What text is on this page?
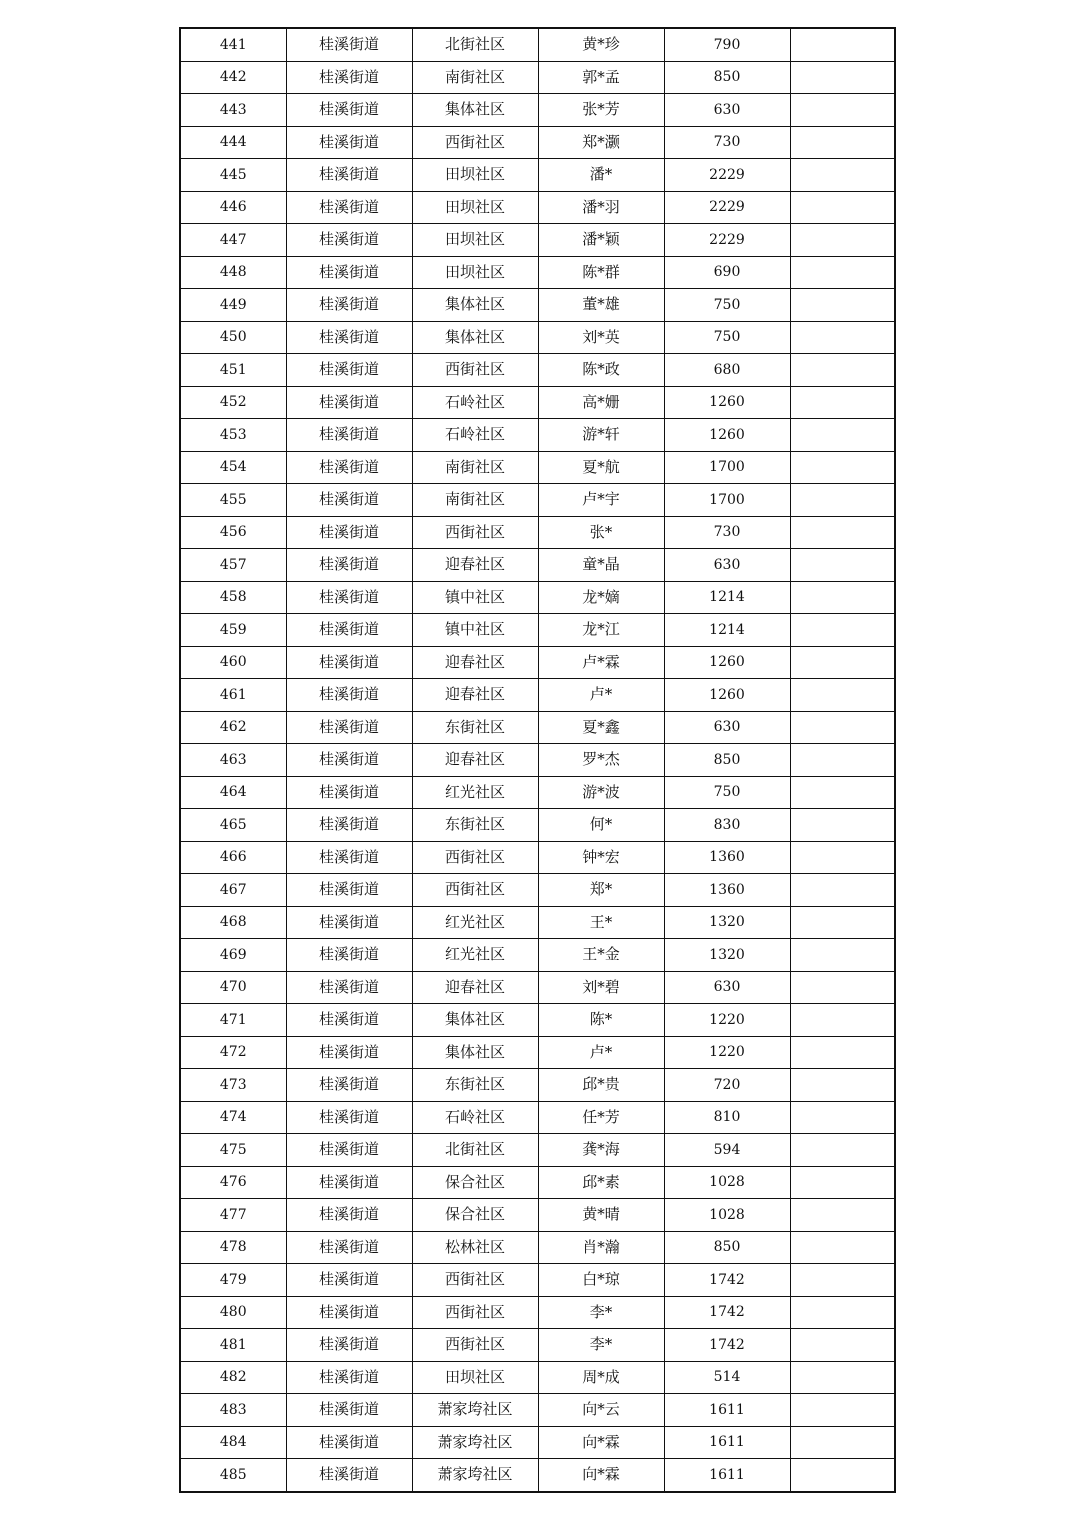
441	桂溪街道	北街社区	黄*珍	790	
442	桂溪街道	南街社区	郭*孟	850	
443	桂溪街道	集体社区	张*芳	630	
444	桂溪街道	西街社区	郑*灏	730	
445	桂溪街道	田坝社区	潘*	2229	
446	桂溪街道	田坝社区	潘*羽	2229	
447	桂溪街道	田坝社区	潘*颖	2229	
448	桂溪街道	田坝社区	陈*群	690	
449	桂溪街道	集体社区	董*雄	750	
450	桂溪街道	集体社区	刘*英	750	
451	桂溪街道	西街社区	陈*政	680	
452	桂溪街道	石岭社区	高*姗	1260	
453	桂溪街道	石岭社区	游*轩	1260	
454	桂溪街道	南街社区	夏*航	1700	
455	桂溪街道	南街社区	卢*宇	1700	
456	桂溪街道	西街社区	张*	730	
457	桂溪街道	迎春社区	童*晶	630	
458	桂溪街道	镇中社区	龙*嫡	1214	
459	桂溪街道	镇中社区	龙*江	1214	
460	桂溪街道	迎春社区	卢*霖	1260	
461	桂溪街道	迎春社区	卢*	1260	
462	桂溪街道	东街社区	夏*鑫	630	
463	桂溪街道	迎春社区	罗*杰	850	
464	桂溪街道	红光社区	游*波	750	
465	桂溪街道	东街社区	何*	830	
466	桂溪街道	西街社区	钟*宏	1360	
467	桂溪街道	西街社区	郑*	1360	
468	桂溪街道	红光社区	王*	1320	
469	桂溪街道	红光社区	王*金	1320	
470	桂溪街道	迎春社区	刘*碧	630	
471	桂溪街道	集体社区	陈*	1220	
472	桂溪街道	集体社区	卢*	1220	
473	桂溪街道	东街社区	邱*贵	720	
474	桂溪街道	石岭社区	任*芳	810	
475	桂溪街道	北街社区	龚*海	594	
476	桂溪街道	保合社区	邱*素	1028	
477	桂溪街道	保合社区	黄*晴	1028	
478	桂溪街道	松林社区	肖*瀚	850	
479	桂溪街道	西街社区	白*琼	1742	
480	桂溪街道	西街社区	李*	1742	
481	桂溪街道	西街社区	李*	1742	
482	桂溪街道	田坝社区	周*成	514	
483	桂溪街道	萧家垮社区	向*云	1611	
484	桂溪街道	萧家垮社区	向*霖	1611	
485	桂溪街道	萧家垮社区	向*霖	1611	
